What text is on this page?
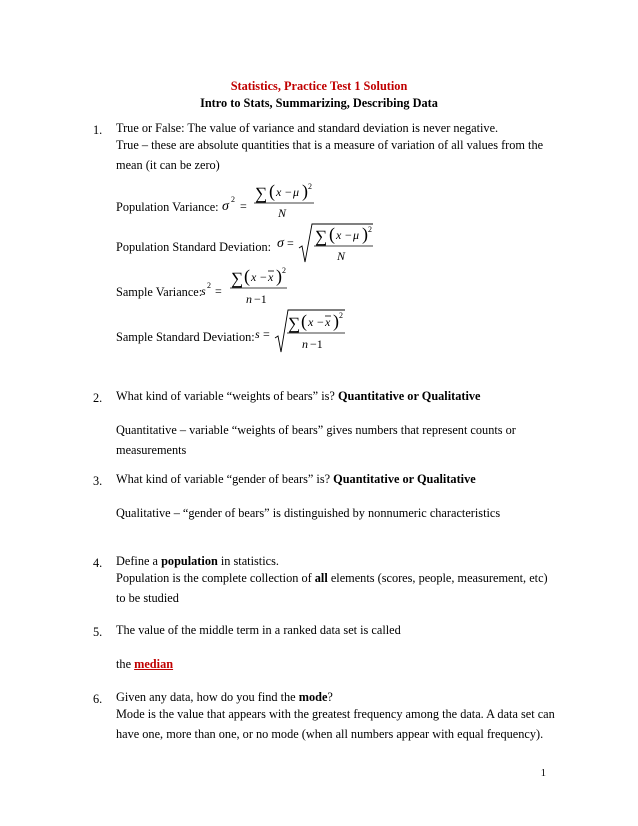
Statistics, Practice Test 1 Solution
Intro to Stats, Summarizing, Describing Data
1. True or False: The value of variance and standard deviation is never negative.
True – these are absolute quantities that is a measure of variation of all values from the mean (it can be zero)
Population Variance: σ 2 =
∑ ( x − μ ) 2
N
Population Standard Deviation: σ = ∑ ( x − μ ) 2
N
Sample Variance:
s 2 =
∑ ( x − x ) 2
n −1
Sample Standard Deviation: s =
∑ ( x − x ) 2
n −1
2. What kind of variable “weights of bears” is? Quantitative or Qualitative
Quantitative – variable “weights of bears” gives numbers that represent counts or measurements
3. What kind of variable “gender of bears” is? Quantitative or Qualitative
Qualitative – “gender of bears” is distinguished by nonnumeric characteristics
4. Define a population in statistics.
Population is the complete collection of all elements (scores, people, measurement, etc) to be studied
5. The value of the middle term in a ranked data set is called
the median
6. Given any data, how do you find the mode?
Mode is the value that appears with the greatest frequency among the data. A data set can have one, more than one, or no mode (when all numbers appear with equal frequency).
1
